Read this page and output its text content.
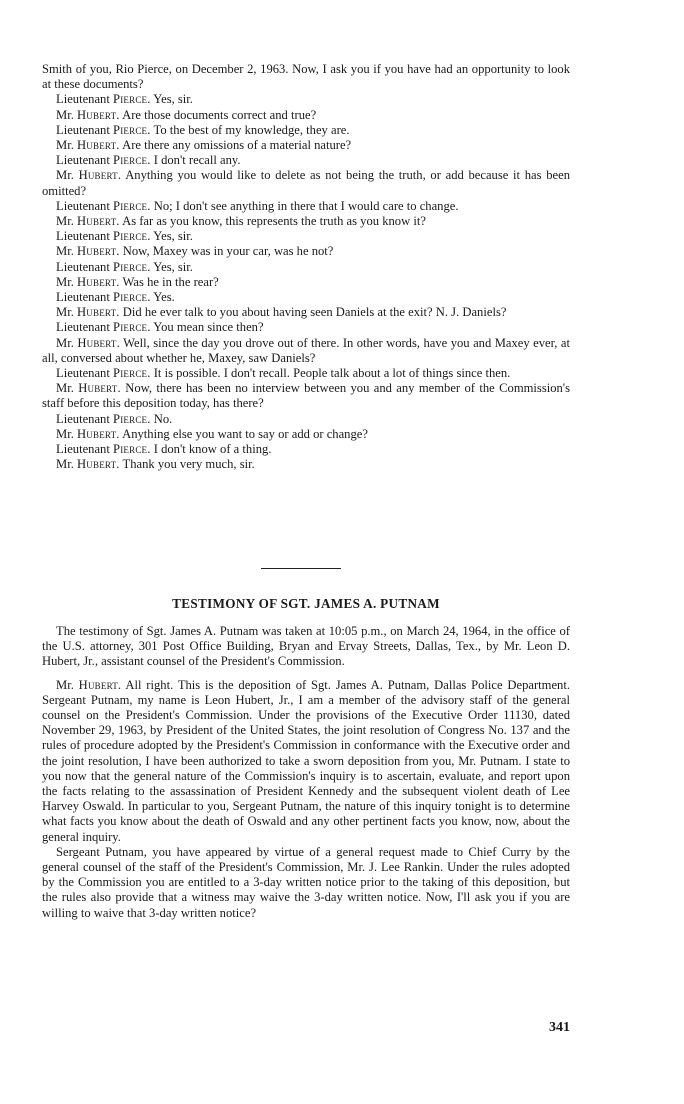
Smith of you, Rio Pierce, on December 2, 1963. Now, I ask you if you have had an opportunity to look at these documents?

Lieutenant Pierce. Yes, sir.

Mr. Hubert. Are those documents correct and true?

Lieutenant Pierce. To the best of my knowledge, they are.

Mr. Hubert. Are there any omissions of a material nature?

Lieutenant Pierce. I don't recall any.

Mr. Hubert. Anything you would like to delete as not being the truth, or add because it has been omitted?

Lieutenant Pierce. No; I don't see anything in there that I would care to change.

Mr. Hubert. As far as you know, this represents the truth as you know it?

Lieutenant Pierce. Yes, sir.

Mr. Hubert. Now, Maxey was in your car, was he not?

Lieutenant Pierce. Yes, sir.

Mr. Hubert. Was he in the rear?

Lieutenant Pierce. Yes.

Mr. Hubert. Did he ever talk to you about having seen Daniels at the exit? N. J. Daniels?

Lieutenant Pierce. You mean since then?

Mr. Hubert. Well, since the day you drove out of there. In other words, have you and Maxey ever, at all, conversed about whether he, Maxey, saw Daniels?

Lieutenant Pierce. It is possible. I don't recall. People talk about a lot of things since then.

Mr. Hubert. Now, there has been no interview between you and any member of the Commission's staff before this deposition today, has there?

Lieutenant Pierce. No.

Mr. Hubert. Anything else you want to say or add or change?

Lieutenant Pierce. I don't know of a thing.

Mr. Hubert. Thank you very much, sir.

TESTIMONY OF SGT. JAMES A. PUTNAM

The testimony of Sgt. James A. Putnam was taken at 10:05 p.m., on March 24, 1964, in the office of the U.S. attorney, 301 Post Office Building, Bryan and Ervay Streets, Dallas, Tex., by Mr. Leon D. Hubert, Jr., assistant counsel of the President's Commission.

Mr. Hubert. All right. This is the deposition of Sgt. James A. Putnam, Dallas Police Department. Sergeant Putnam, my name is Leon Hubert, Jr., I am a member of the advisory staff of the general counsel on the President's Commission. Under the provisions of the Executive Order 11130, dated November 29, 1963, by President of the United States, the joint resolution of Congress No. 137 and the rules of procedure adopted by the President's Commission in conformance with the Executive order and the joint resolution, I have been authorized to take a sworn deposition from you, Mr. Putnam. I state to you now that the general nature of the Commission's inquiry is to ascertain, evaluate, and report upon the facts relating to the assassination of President Kennedy and the subsequent violent death of Lee Harvey Oswald. In particular to you, Sergeant Putnam, the nature of this inquiry tonight is to determine what facts you know about the death of Oswald and any other pertinent facts you know, now, about the general inquiry.

Sergeant Putnam, you have appeared by virtue of a general request made to Chief Curry by the general counsel of the staff of the President's Commission, Mr. J. Lee Rankin. Under the rules adopted by the Commission you are entitled to a 3-day written notice prior to the taking of this deposition, but the rules also provide that a witness may waive the 3-day written notice. Now, I'll ask you if you are willing to waive that 3-day written notice?

341
